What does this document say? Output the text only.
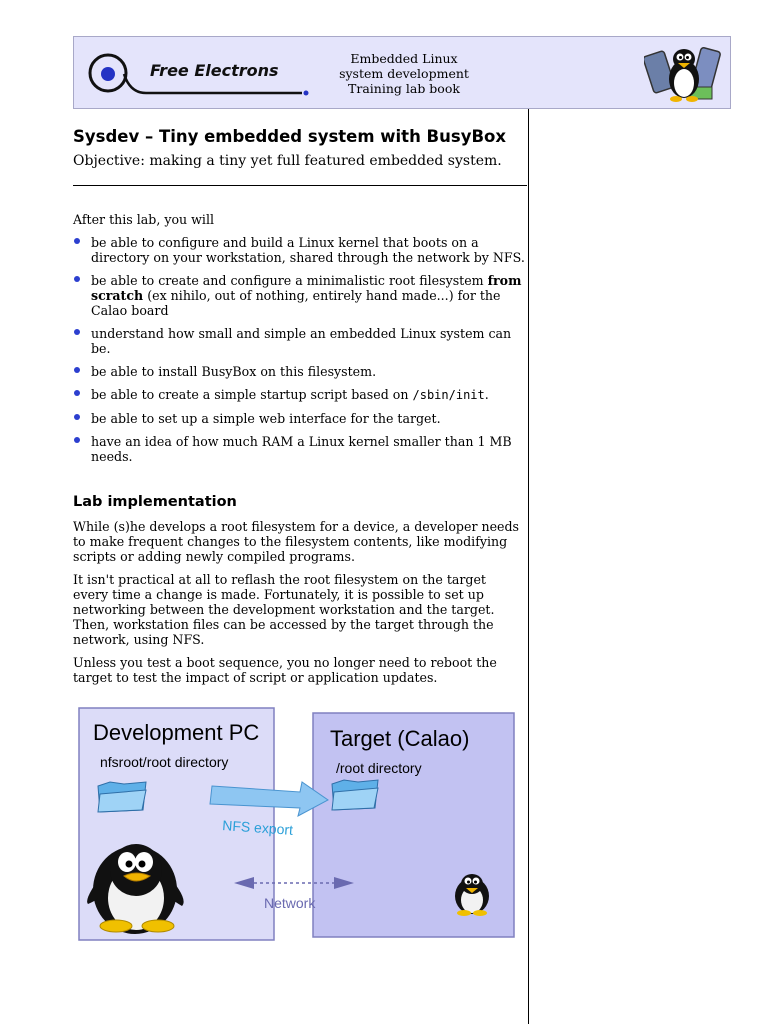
Free Electrons
Embedded Linux
system development
Training lab book
Sysdev – Tiny embedded system with BusyBox
Objective: making a tiny yet full featured embedded system.
After this lab, you will
be able to configure and build a Linux kernel that boots on a directory on your workstation, shared through the network by NFS.
be able to create and configure a minimalistic root filesystem from scratch (ex nihilo, out of nothing, entirely hand made...) for the Calao board
understand how small and simple an embedded Linux system can be.
be able to install BusyBox on this filesystem.
be able to create a simple startup script based on /sbin/init.
be able to set up a simple web interface for the target.
have an idea of how much RAM a Linux kernel smaller than 1 MB needs.
Lab implementation
While (s)he develops a root filesystem for a device, a developer needs to make frequent changes to the filesystem contents, like modifying scripts or adding newly compiled programs.
It isn't practical at all to reflash the root filesystem on the target every time a change is made. Fortunately, it is possible to set up networking between the development workstation and the target. Then, workstation files can be accessed by the target through the network, using NFS.
Unless you test a boot sequence, you no longer need to reboot the target to test the impact of script or application updates.
Development PC
nfsroot/root directory
Target (Calao)
/root directory
NFS export
Network
